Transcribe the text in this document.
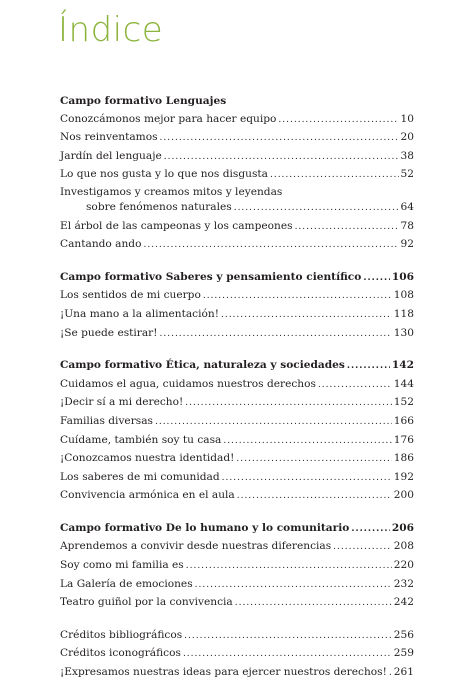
Índice
Campo formativo Lenguajes
Conozcámonos mejor para hacer equipo .....	10
Nos reinventamos .....	20
Jardín del lenguaje .....	38
Lo que nos gusta y lo que nos disgusta .....	52
Investigamos y creamos mitos y leyendas
sobre fenómenos naturales .....	64
El árbol de las campeonas y los campeones .....	78
Cantando ando .....	92
Campo formativo Saberes y pensamiento científico .....	106
Los sentidos de mi cuerpo .....	108
¡Una mano a la alimentación! .....	118
¡Se puede estirar! .....	130
Campo formativo Ética, naturaleza y sociedades .....	142
Cuidamos el agua, cuidamos nuestros derechos .....	144
¡Decir sí a mi derecho! .....	152
Familias diversas .....	166
Cuídame, también soy tu casa .....	176
¡Conozcamos nuestra identidad! .....	186
Los saberes de mi comunidad .....	192
Convivencia armónica en el aula .....	200
Campo formativo De lo humano y lo comunitario .....	206
Aprendemos a convivir desde nuestras diferencias .....	208
Soy como mi familia es .....	220
La Galería de emociones .....	232
Teatro guiñol por la convivencia .....	242
Créditos bibliográficos .....	256
Créditos iconográficos .....	259
¡Expresamos nuestras ideas para ejercer nuestros derechos! ..... 261
